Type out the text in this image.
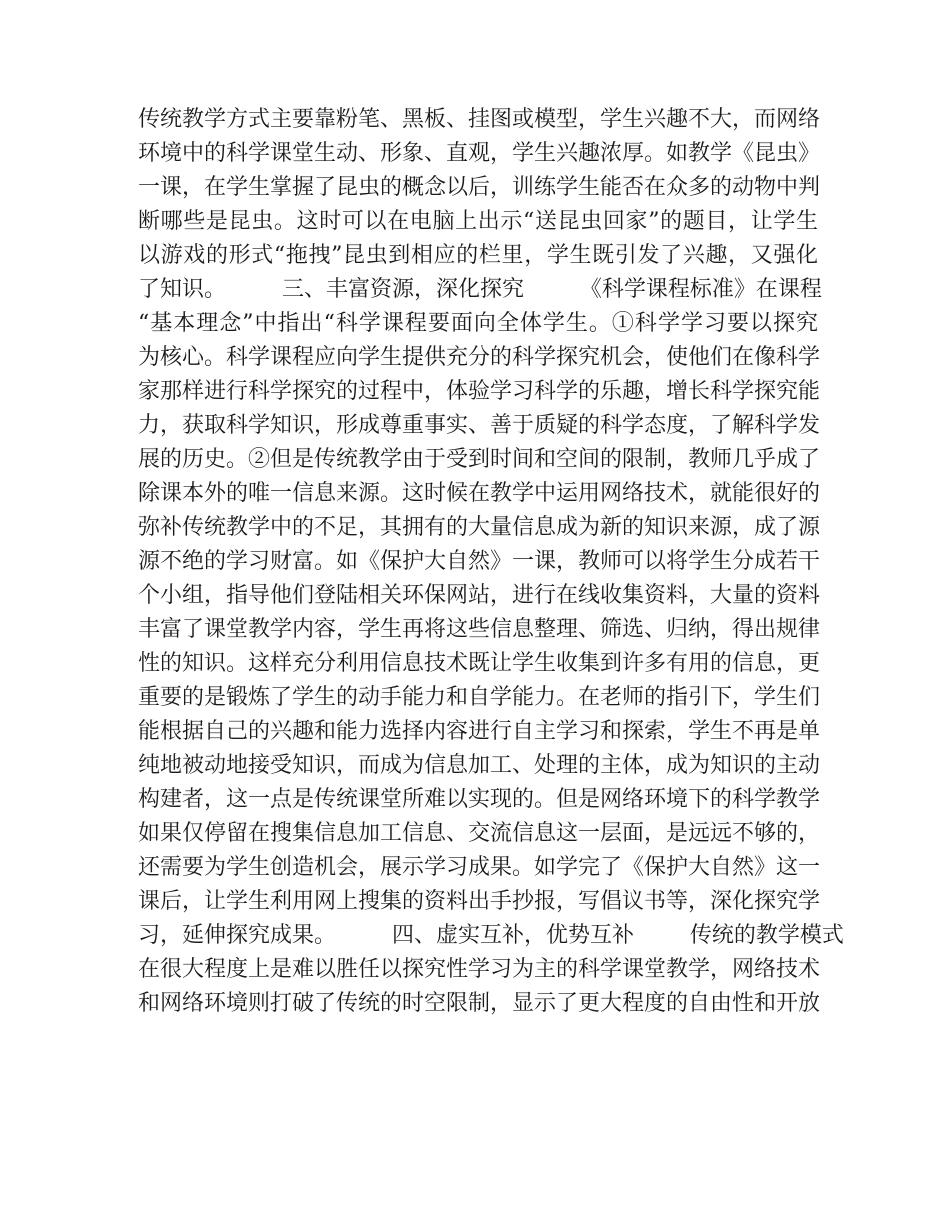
传统教学方式主要靠粉笔、黑板、挂图或模型，学生兴趣不大，而网络
环境中的科学课堂生动、形象、直观，学生兴趣浓厚。如教学《昆虫》
一课，在学生掌握了昆虫的概念以后，训练学生能否在众多的动物中判
断哪些是昆虫。这时可以在电脑上出示“送昆虫回家”的题目，让学生
以游戏的形式“拖拽”昆虫到相应的栏里，学生既引发了兴趣，又强化
了知识。        三、丰富资源，深化探究        《科学课程标准》在课程
“基本理念”中指出“科学课程要面向全体学生。①科学学习要以探究
为核心。科学课程应向学生提供充分的科学探究机会，使他们在像科学
家那样进行科学探究的过程中，体验学习科学的乐趣，增长科学探究能
力，获取科学知识，形成尊重事实、善于质疑的科学态度，了解科学发
展的历史。②但是传统教学由于受到时间和空间的限制，教师几乎成了
除课本外的唯一信息来源。这时候在教学中运用网络技术，就能很好的
弥补传统教学中的不足，其拥有的大量信息成为新的知识来源，成了源
源不绝的学习财富。如《保护大自然》一课，教师可以将学生分成若干
个小组，指导他们登陆相关环保网站，进行在线收集资料，大量的资料
丰富了课堂教学内容，学生再将这些信息整理、筛选、归纳，得出规律
性的知识。这样充分利用信息技术既让学生收集到许多有用的信息，更
重要的是锻炼了学生的动手能力和自学能力。在老师的指引下，学生们
能根据自己的兴趣和能力选择内容进行自主学习和探索，学生不再是单
纯地被动地接受知识，而成为信息加工、处理的主体，成为知识的主动
构建者，这一点是传统课堂所难以实现的。但是网络环境下的科学教学
如果仅停留在搜集信息加工信息、交流信息这一层面，是远远不够的，
还需要为学生创造机会，展示学习成果。如学完了《保护大自然》这一
课后，让学生利用网上搜集的资料出手抄报，写倡议书等，深化探究学
习，延伸探究成果。        四、虚实互补，优势互补        传统的教学模式
在很大程度上是难以胜任以探究性学习为主的科学课堂教学，网络技术
和网络环境则打破了传统的时空限制，显示了更大程度的自由性和开放
